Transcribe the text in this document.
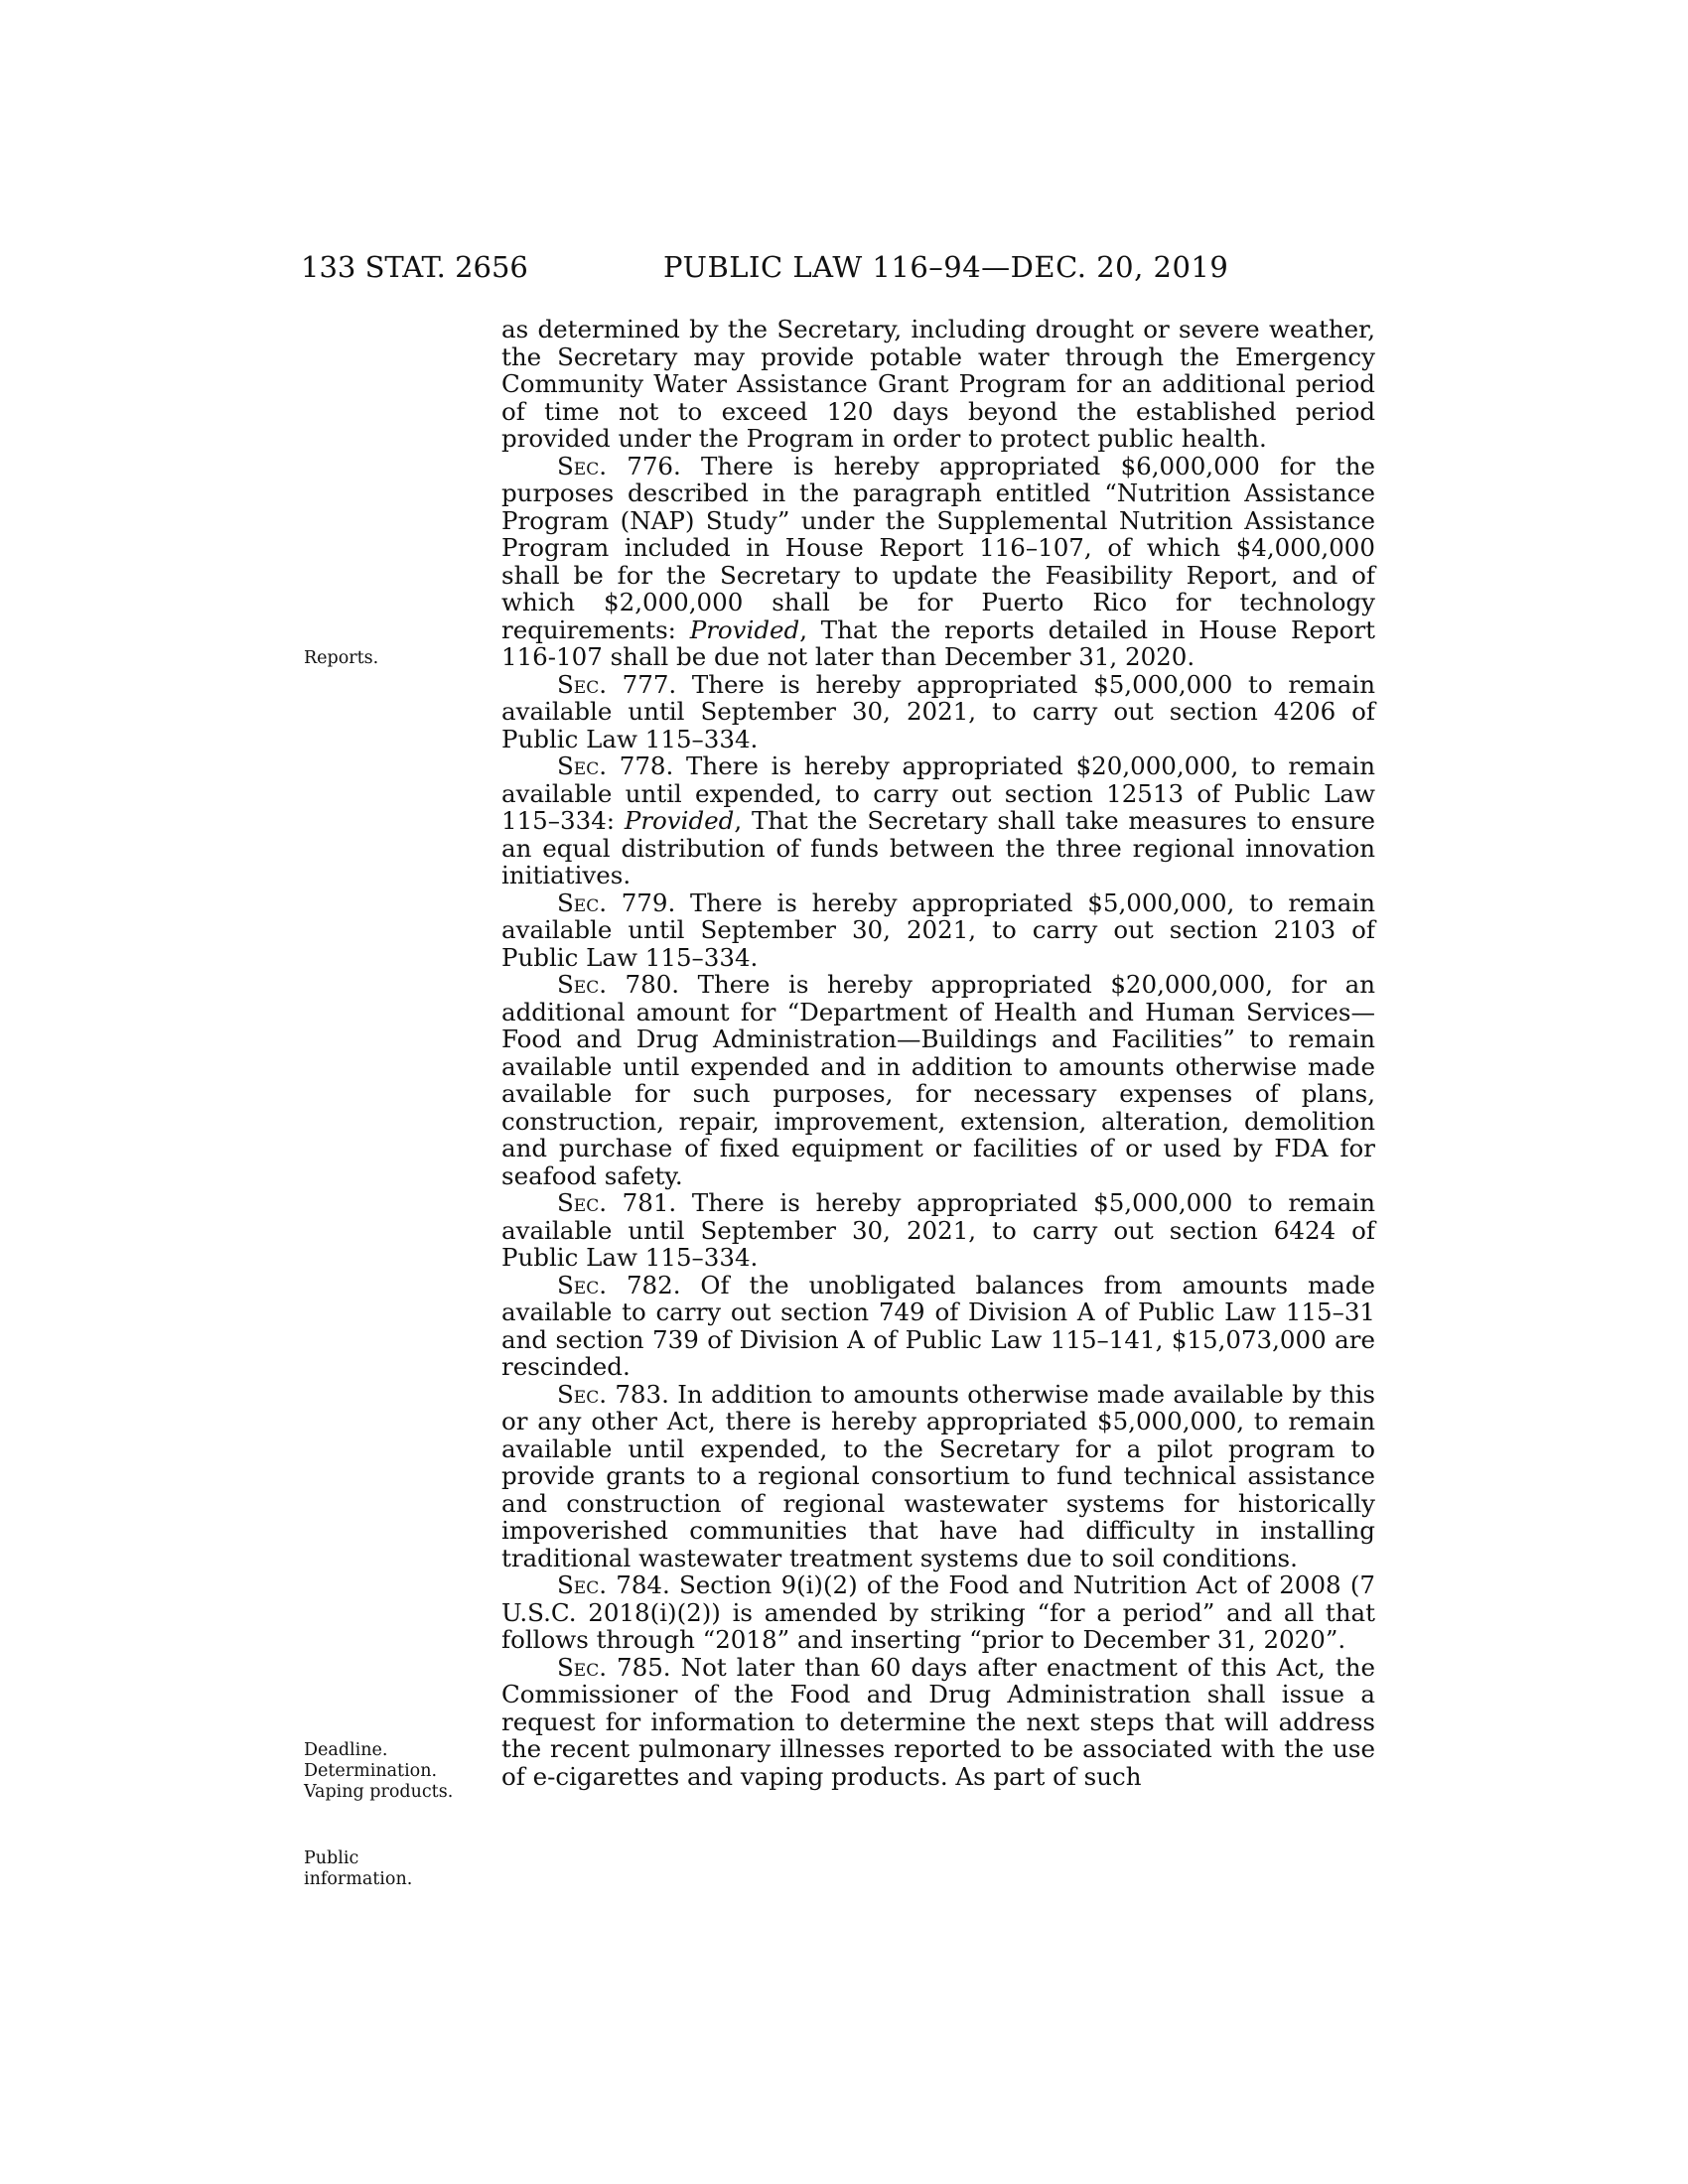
133 STAT. 2656	PUBLIC LAW 116–94—DEC. 20, 2019
Reports.
Deadline.
Determination.
Vaping products.
Public
information.

as determined by the Secretary, including drought or severe weather, the Secretary may provide potable water through the Emergency Community Water Assistance Grant Program for an additional period of time not to exceed 120 days beyond the established period provided under the Program in order to protect public health.

Sec. 776. There is hereby appropriated $6,000,000 for the purposes described in the paragraph entitled “Nutrition Assistance Program (NAP) Study” under the Supplemental Nutrition Assistance Program included in House Report 116–107, of which $4,000,000 shall be for the Secretary to update the Feasibility Report, and of which $2,000,000 shall be for Puerto Rico for technology requirements: Provided, That the reports detailed in House Report 116-107 shall be due not later than December 31, 2020.

Sec. 777. There is hereby appropriated $5,000,000 to remain available until September 30, 2021, to carry out section 4206 of Public Law 115–334.

Sec. 778. There is hereby appropriated $20,000,000, to remain available until expended, to carry out section 12513 of Public Law 115–334: Provided, That the Secretary shall take measures to ensure an equal distribution of funds between the three regional innovation initiatives.

Sec. 779. There is hereby appropriated $5,000,000, to remain available until September 30, 2021, to carry out section 2103 of Public Law 115–334.

Sec. 780. There is hereby appropriated $20,000,000, for an additional amount for “Department of Health and Human Services—Food and Drug Administration—Buildings and Facilities” to remain available until expended and in addition to amounts otherwise made available for such purposes, for necessary expenses of plans, construction, repair, improvement, extension, alteration, demolition and purchase of fixed equipment or facilities of or used by FDA for seafood safety.

Sec. 781. There is hereby appropriated $5,000,000 to remain available until September 30, 2021, to carry out section 6424 of Public Law 115–334.

Sec. 782. Of the unobligated balances from amounts made available to carry out section 749 of Division A of Public Law 115–31 and section 739 of Division A of Public Law 115–141, $15,073,000 are rescinded.

Sec. 783. In addition to amounts otherwise made available by this or any other Act, there is hereby appropriated $5,000,000, to remain available until expended, to the Secretary for a pilot program to provide grants to a regional consortium to fund technical assistance and construction of regional wastewater systems for historically impoverished communities that have had difficulty in installing traditional wastewater treatment systems due to soil conditions.

Sec. 784. Section 9(i)(2) of the Food and Nutrition Act of 2008 (7 U.S.C. 2018(i)(2)) is amended by striking “for a period” and all that follows through “2018” and inserting “prior to December 31, 2020”.

Sec. 785. Not later than 60 days after enactment of this Act, the Commissioner of the Food and Drug Administration shall issue a request for information to determine the next steps that will address the recent pulmonary illnesses reported to be associated with the use of e-cigarettes and vaping products. As part of such
